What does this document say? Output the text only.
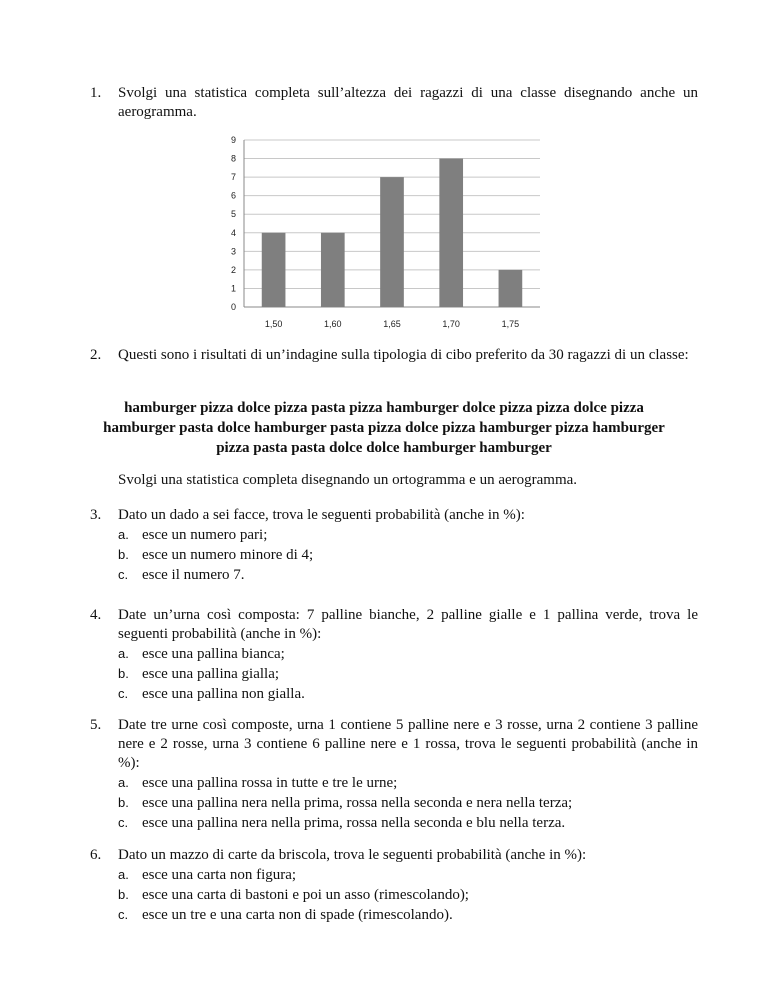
1. Svolgi una statistica completa sull’altezza dei ragazzi di una classe disegnando anche un aerogramma.
0
1
2
3
4
5
6
7
8
9
1,50	1,60	1,65	1,70	1,75
2. Questi sono i risultati di un’indagine sulla tipologia di cibo preferito da 30 ragazzi di un classe:
hamburger pizza dolce pizza pasta pizza hamburger dolce pizza pizza dolce pizza
hamburger pasta dolce hamburger pasta pizza dolce pizza hamburger pizza hamburger
pizza pasta pasta dolce dolce hamburger hamburger
Svolgi una statistica completa disegnando un ortogramma e un aerogramma.
3. Dato un dado a sei facce, trova le seguenti probabilità (anche in %):
a. esce un numero pari;
b. esce un numero minore di 4;
c. esce il numero 7.
4. Date un’urna così composta: 7 palline bianche, 2 palline gialle e 1 pallina verde, trova le seguenti probabilità (anche in %):
a. esce una pallina bianca;
b. esce una pallina gialla;
c. esce una pallina non gialla.
5. Date tre urne così composte, urna 1 contiene 5 palline nere e 3 rosse, urna 2 contiene 3 palline nere e 2 rosse, urna 3 contiene 6 palline nere e 1 rossa, trova le seguenti probabilità (anche in %):
a. esce una pallina rossa in tutte e tre le urne;
b. esce una pallina nera nella prima, rossa nella seconda e nera nella terza;
c. esce una pallina nera nella prima, rossa nella seconda e blu nella terza.
6. Dato un mazzo di carte da briscola, trova le seguenti probabilità (anche in %):
a. esce una carta non figura;
b. esce una carta di bastoni e poi un asso (rimescolando);
c. esce un tre e una carta non di spade (rimescolando).
